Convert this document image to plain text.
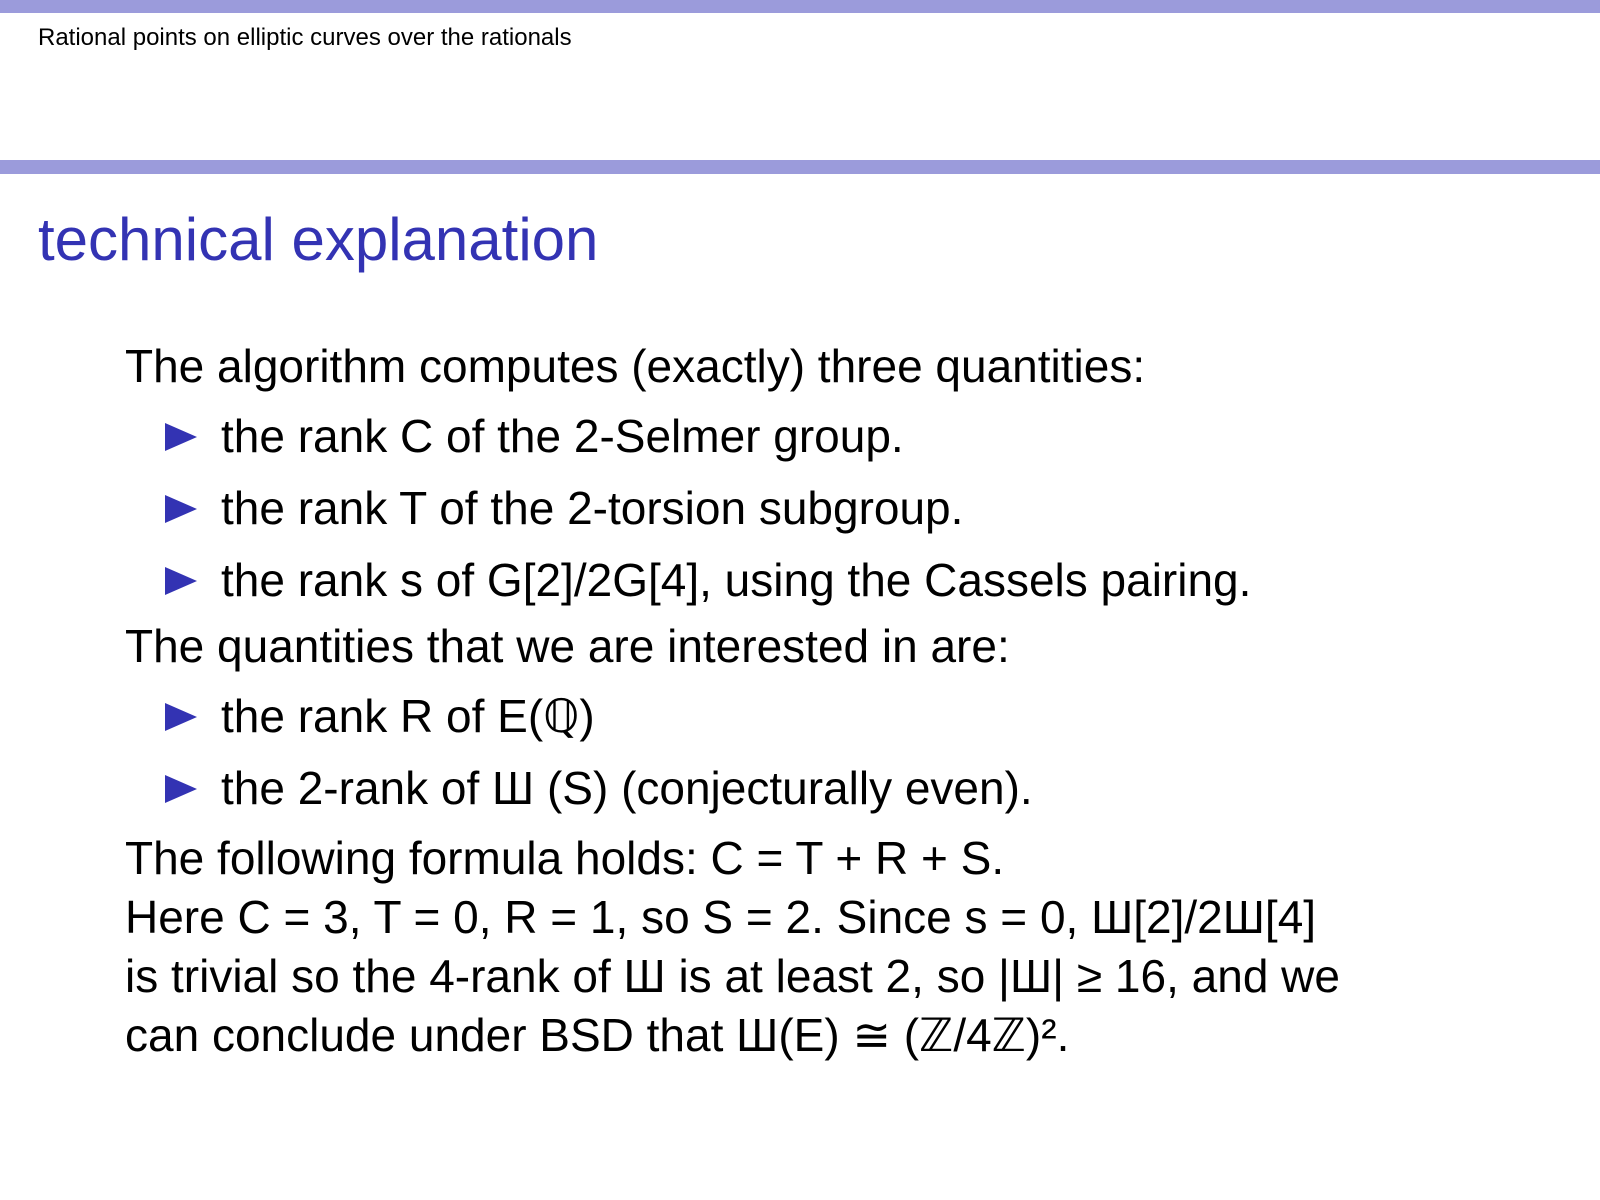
Rational points on elliptic curves over the rationals
technical explanation
The algorithm computes (exactly) three quantities:
the rank C of the 2-Selmer group.
the rank T of the 2-torsion subgroup.
the rank s of G[2]/2G[4], using the Cassels pairing.
The quantities that we are interested in are:
the rank R of E(ℚ)
the 2-rank of Ш (S) (conjecturally even).
The following formula holds: C = T + R + S.
Here C = 3, T = 0, R = 1, so S = 2. Since s = 0, Ш[2]/2Ш[4]
is trivial so the 4-rank of Ш is at least 2, so |Ш| ≥ 16, and we
can conclude under BSD that Ш(E) ≅ (ℤ/4ℤ)².
